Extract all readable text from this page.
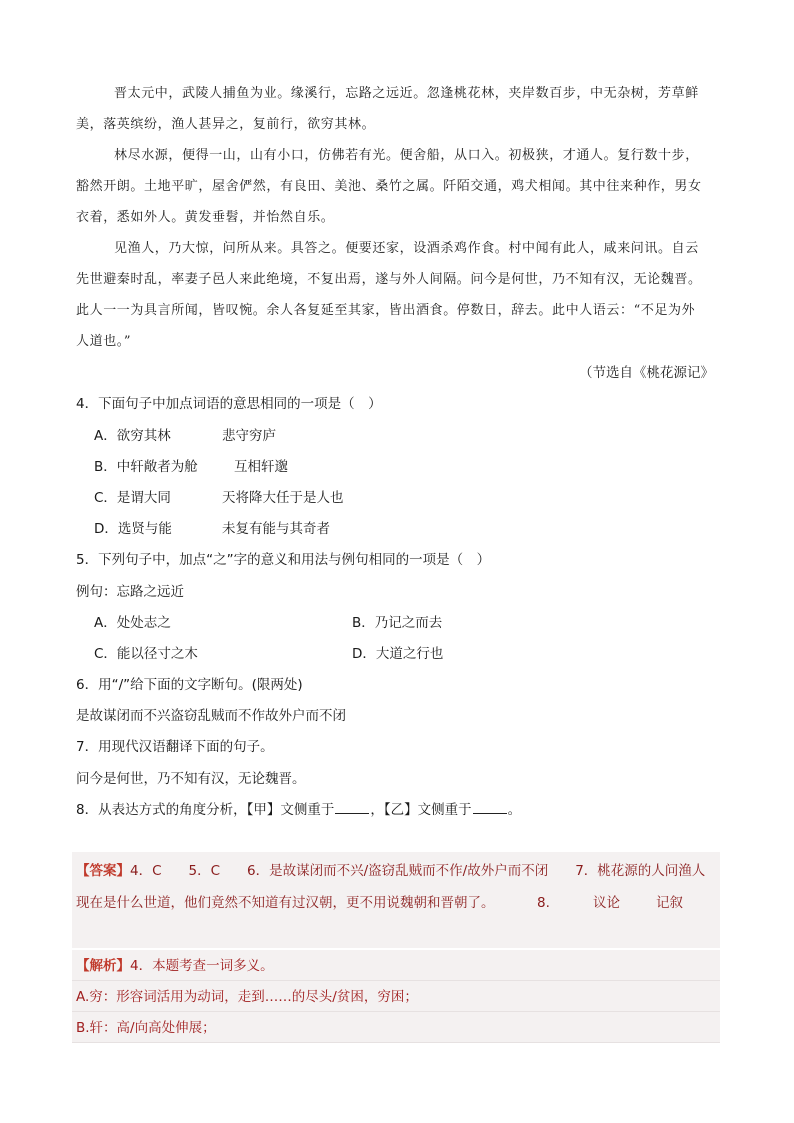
晋太元中，武陵人捕鱼为业。缘溪行，忘路之远近。忽逢桃花林，夹岸数百步，中无杂树，芳草鲜
美，落英缤纷，渔人甚异之，复前行，欲穷其林。
林尽水源，便得一山，山有小口，仿佛若有光。便舍船，从口入。初极狭，才通人。复行数十步，
豁然开朗。土地平旷，屋舍俨然，有良田、美池、桑竹之属。阡陌交通，鸡犬相闻。其中往来种作，男女
衣着，悉如外人。黄发垂髫，并怡然自乐。
见渔人，乃大惊，问所从来。具答之。便要还家，设酒杀鸡作食。村中闻有此人，咸来问讯。自云
先世避秦时乱，率妻子邑人来此绝境，不复出焉，遂与外人间隔。问今是何世，乃不知有汉，无论魏晋。
此人一一为具言所闻，皆叹惋。余人各复延至其家，皆出酒食。停数日，辞去。此中人语云：“不足为外
人道也。”
（节选自《桃花源记》
4．下面句子中加点词语的意思相同的一项是（　）
A．欲穷其林	悲守穷庐
B．中轩敞者为舱	互相轩邈
C．是谓大同	天将降大任于是人也
D．选贤与能	未复有能与其奇者
5．下列句子中，加点“之”字的意义和用法与例句相同的一项是（　）
例句：忘路之远近
A．处处志之	B．乃记之而去
C．能以径寸之木	D．大道之行也
6．用“/”给下面的文字断句。(限两处)
是故谋闭而不兴盗窃乱贼而不作故外户而不闭
7．用现代汉语翻译下面的句子。
问今是何世，乃不知有汉，无论魏晋。
8．从表达方式的角度分析，【甲】文侧重于	，【乙】文侧重于	。
【答案】4．C　　5．C　　6．是故谋闭而不兴/盗窃乱贼而不作/故外户而不闭　　7．桃花源的人问渔人
现在是什么世道，他们竟然不知道有过汉朝，更不用说魏朝和晋朝了。	8.	议论	记叙
【解析】4．本题考查一词多义。
A.穷：形容词活用为动词，走到……的尽头/贫困，穷困；
B.轩：高/向高处伸展；
